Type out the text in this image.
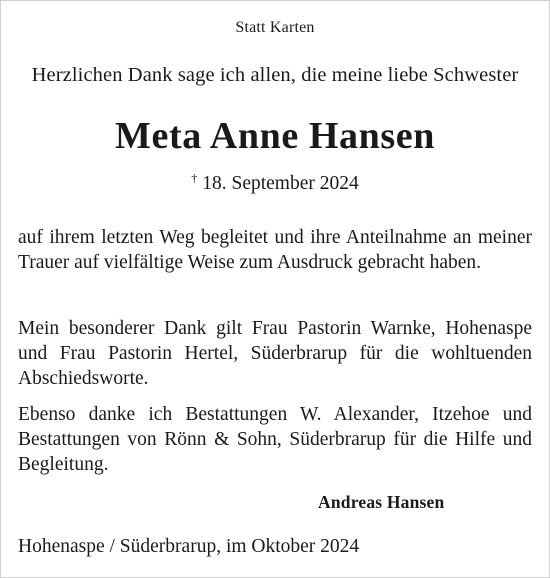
Statt Karten
Herzlichen Dank sage ich allen, die meine liebe Schwester
Meta Anne Hansen
† 18. September 2024
auf ihrem letzten Weg begleitet und ihre Anteilnahme an meiner Trauer auf vielfältige Weise zum Ausdruck gebracht haben.
Mein besonderer Dank gilt Frau Pastorin Warnke, Hohenaspe und Frau Pastorin Hertel, Süderbrarup für die wohltuenden Abschiedsworte.
Ebenso danke ich Bestattungen W. Alexander, Itzehoe und Bestattungen von Rönn & Sohn, Süderbrarup für die Hilfe und Begleitung.
Andreas Hansen
Hohenaspe / Süderbrarup, im Oktober 2024
